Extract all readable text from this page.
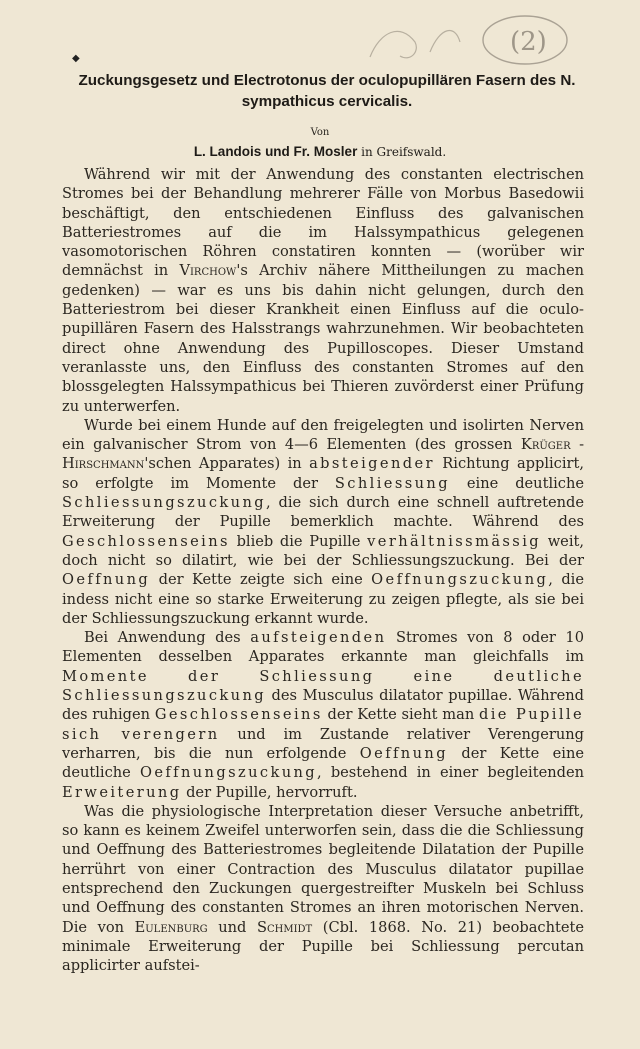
(2)
◆
Zuckungsgesetz und Electrotonus der oculopupillären Fasern des N. sympathicus cervicalis.
Von
L. Landois und Fr. Mosler in Greifswald.

Während wir mit der Anwendung des constanten electrischen Stromes bei der Behandlung mehrerer Fälle von Morbus Basedowii beschäftigt, den entschiedenen Einfluss des galvanischen Batteriestromes auf die im Halssympathicus gelegenen vasomotorischen Röhren constatiren konnten — (worüber wir demnächst in Virchow's Archiv nähere Mittheilungen zu machen gedenken) — war es uns bis dahin nicht gelungen, durch den Batteriestrom bei dieser Krankheit einen Einfluss auf die oculo-pupillären Fasern des Halsstrangs wahrzunehmen. Wir beobachteten direct ohne Anwendung des Pupilloscopes. Dieser Umstand veranlasste uns, den Einfluss des constanten Stromes auf den blossgelegten Halssympathicus bei Thieren zuvörderst einer Prüfung zu unterwerfen.

Wurde bei einem Hunde auf den freigelegten und isolirten Nerven ein galvanischer Strom von 4—6 Elementen (des grossen Krüger - Hirschmann'schen Apparates) in absteigender Richtung applicirt, so erfolgte im Momente der Schliessung eine deutliche Schliessungszuckung, die sich durch eine schnell auftretende Erweiterung der Pupille bemerklich machte. Während des Geschlossenseins blieb die Pupille verhältnissmässig weit, doch nicht so dilatirt, wie bei der Schliessungszuckung. Bei der Oeffnung der Kette zeigte sich eine Oeffnungszuckung, die indess nicht eine so starke Erweiterung zu zeigen pflegte, als sie bei der Schliessungszuckung erkannt wurde.

Bei Anwendung des aufsteigenden Stromes von 8 oder 10 Elementen desselben Apparates erkannte man gleichfalls im Momente der Schliessung eine deutliche Schliessungszuckung des Musculus dilatator pupillae. Während des ruhigen Geschlossenseins der Kette sieht man die Pupille sich verengern und im Zustande relativer Verengerung verharren, bis die nun erfolgende Oeffnung der Kette eine deutliche Oeffnungszuckung, bestehend in einer begleitenden Erweiterung der Pupille, hervorruft.

Was die physiologische Interpretation dieser Versuche anbetrifft, so kann es keinem Zweifel unterworfen sein, dass die die Schliessung und Oeffnung des Batteriestromes begleitende Dilatation der Pupille herrührt von einer Contraction des Musculus dilatator pupillae entsprechend den Zuckungen quergestreifter Muskeln bei Schluss und Oeffnung des constanten Stromes an ihren motorischen Nerven. Die von Eulenburg und Schmidt (Cbl. 1868. No. 21) beobachtete minimale Erweiterung der Pupille bei Schliessung percutan applicirter aufstei-
